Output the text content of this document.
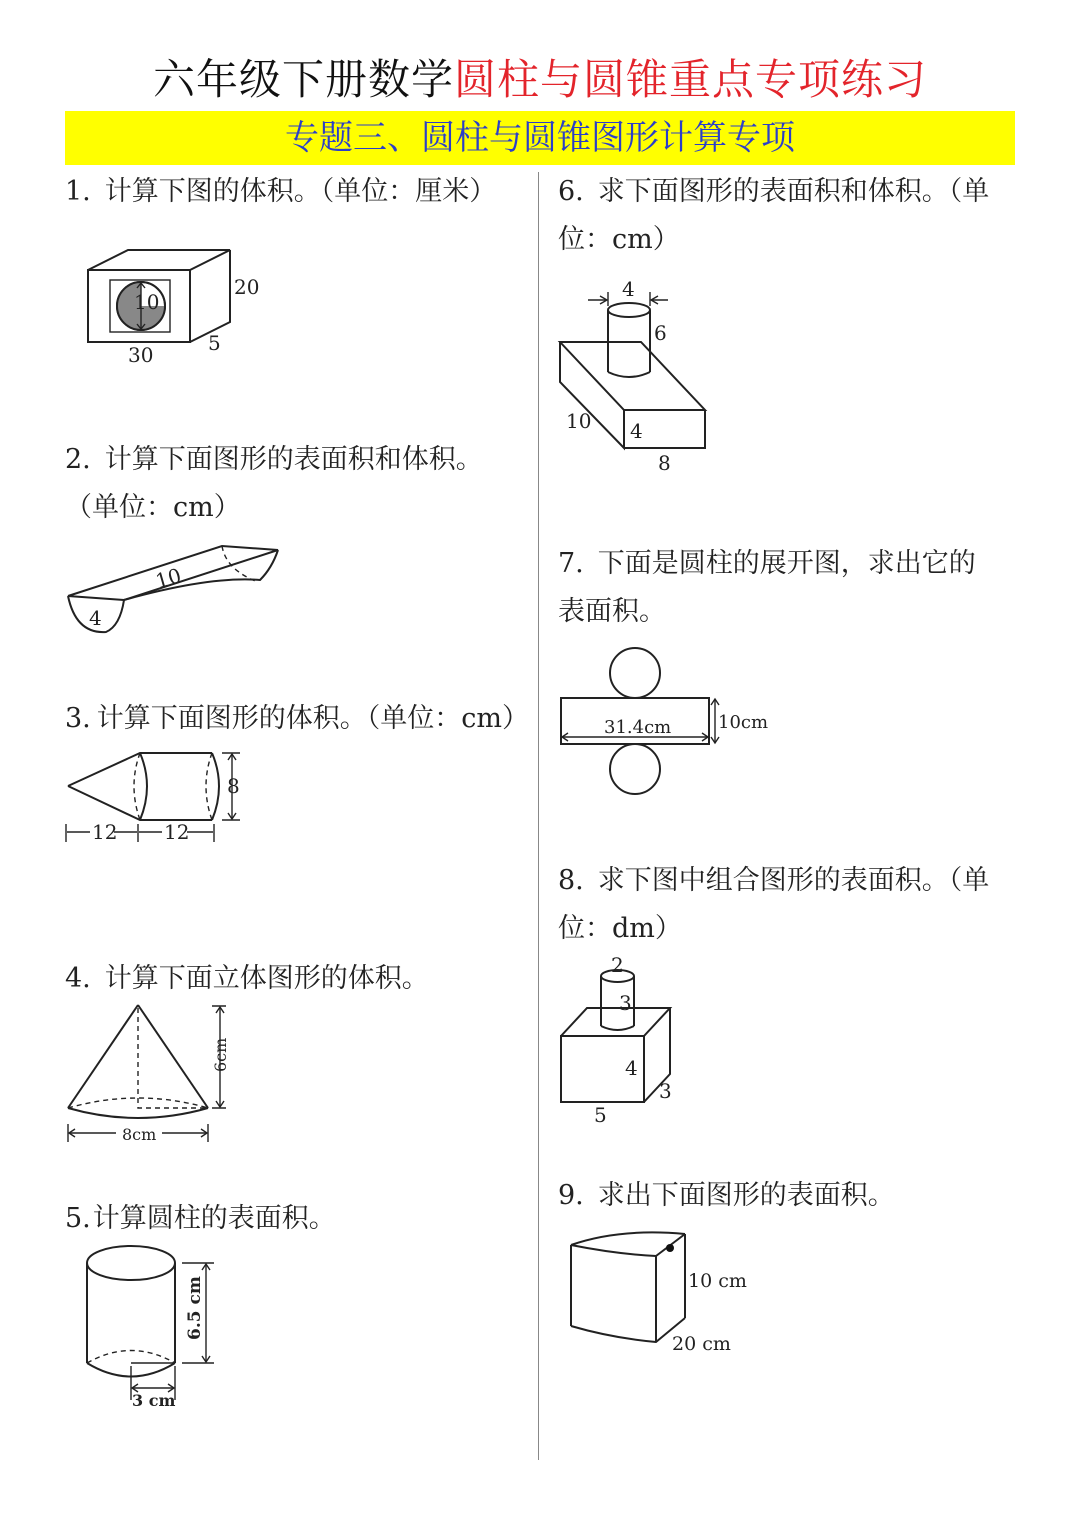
六年级下册数学圆柱与圆锥重点专项练习
专题三、圆柱与圆锥图形计算专项
1. 计算下图的体积。（单位：厘米）
10
20
30	5
2. 计算下面图形的表面积和体积。
（单位：cm）
10
4
3. 计算下面图形的体积。（单位：cm）
12 12
8
4. 计算下面立体图形的体积。
6cm
8cm
5.计算圆柱的表面积。
6.5 cm
3 cm
6. 求下面图形的表面积和体积。（单
位：cm）
4
6
10 4
8
7. 下面是圆柱的展开图，求出它的
表面积。
31.4cm	10cm
8. 求下图中组合图形的表面积。（单
位：dm）
2
3
4
3
5
9. 求出下面图形的表面积。
10 cm
20 cm
